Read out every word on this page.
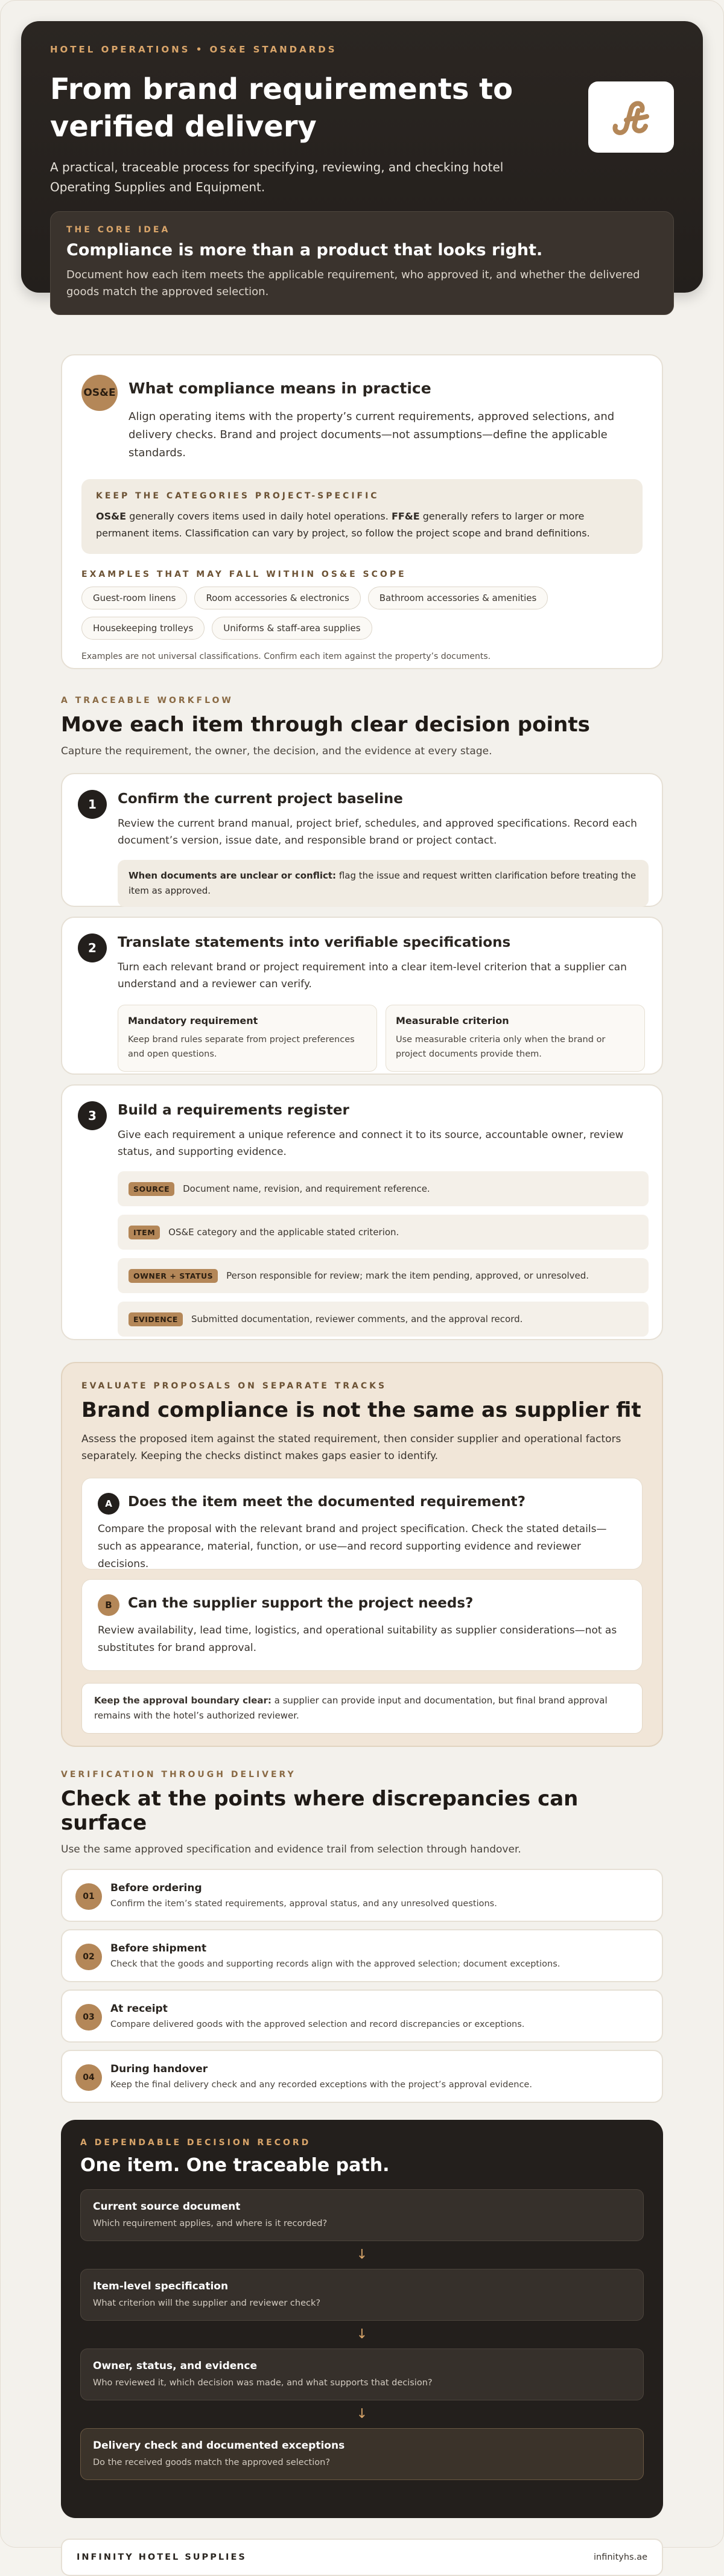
HOTEL OPERATIONS • OS&E STANDARDS
From brand requirements to verified delivery

A practical, traceable process for specifying, reviewing, and checking hotel Operating Supplies and Equipment.

THE CORE IDEA
Compliance is more than a product that looks right.

Document how each item meets the applicable requirement, who approved it, and whether the delivered goods match the approved selection.

OS&E What compliance means in practice

Align operating items with the property’s current requirements, approved selections, and delivery checks. Brand and project documents—not assumptions—define the applicable standards.

KEEP THE CATEGORIES PROJECT-SPECIFIC

OS&E generally covers items used in daily hotel operations. FF&E generally refers to larger or more permanent items. Classification can vary by project, so follow the project scope and brand definitions.

EXAMPLES THAT MAY FALL WITHIN OS&E SCOPE
Guest-room linens	Room accessories & electronics	Bathroom accessories & amenities
Housekeeping trolleys	Uniforms & staff-area supplies

Examples are not universal classifications. Confirm each item against the property’s documents.

A TRACEABLE WORKFLOW
Move each item through clear decision points

Capture the requirement, the owner, the decision, and the evidence at every stage.

1	Confirm the current project baseline

Review the current brand manual, project brief, schedules, and approved specifications. Record each document’s version, issue date, and responsible brand or project contact.

When documents are unclear or conflict: flag the issue and request written clarification before treating the item as approved.
2	Translate statements into verifiable specifications

Turn each relevant brand or project requirement into a clear item-level criterion that a supplier can understand and a reviewer can verify.

Mandatory requirement

Keep brand rules separate from project preferences and open questions.

Measurable criterion

Use measurable criteria only when the brand or project documents provide them.

3	Build a requirements register

Give each requirement a unique reference and connect it to its source, accountable owner, review status, and supporting evidence.

SOURCE	Document name, revision, and requirement reference.
ITEM	OS&E category and the applicable stated criterion.
OWNER + STATUS	Person responsible for review; mark the item pending, approved, or unresolved.
EVIDENCE	Submitted documentation, reviewer comments, and the approval record.
EVALUATE PROPOSALS ON SEPARATE TRACKS
Brand compliance is not the same as supplier fit

Assess the proposed item against the stated requirement, then consider supplier and operational factors separately. Keeping the checks distinct makes gaps easier to identify.

A	Does the item meet the documented requirement?

Compare the proposal with the relevant brand and project specification. Check the stated details—such as appearance, material, function, or use—and record supporting evidence and reviewer decisions.

B	Can the supplier support the project needs?

Review availability, lead time, logistics, and operational suitability as supplier considerations—not as substitutes for brand approval.

Keep the approval boundary clear: a supplier can provide input and documentation, but final brand approval remains with the hotel’s authorized reviewer.
VERIFICATION THROUGH DELIVERY
Check at the points where discrepancies can surface

Use the same approved specification and evidence trail from selection through handover.

01
Before ordering

Confirm the item’s stated requirements, approval status, and any unresolved questions.

02
Before shipment

Check that the goods and supporting records align with the approved selection; document exceptions.

03
At receipt

Compare delivered goods with the approved selection and record discrepancies or exceptions.

04
During handover

Keep the final delivery check and any recorded exceptions with the project’s approval evidence.

A DEPENDABLE DECISION RECORD
One item. One traceable path.
Current source document

Which requirement applies, and where is it recorded?

↓
Item-level specification

What criterion will the supplier and reviewer check?

↓
Owner, status, and evidence

Who reviewed it, which decision was made, and what supports that decision?

↓
Delivery check and documented exceptions

Do the received goods match the approved selection?

INFINITY HOTEL SUPPLIES	infinityhs.ae
